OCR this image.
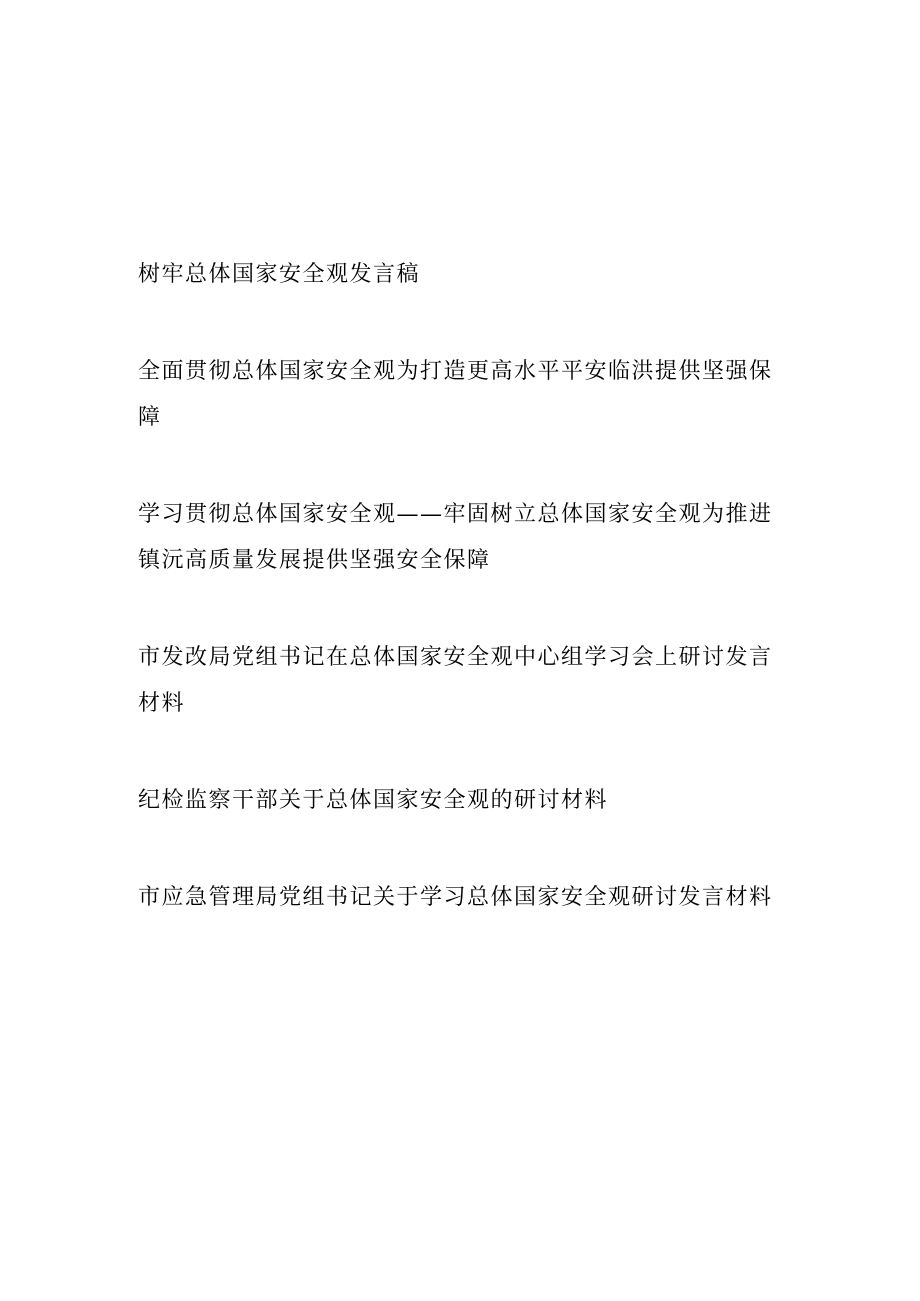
树牢总体国家安全观发言稿
全面贯彻总体国家安全观为打造更高水平平安临洪提供坚强保障
学习贯彻总体国家安全观——牢固树立总体国家安全观为推进镇沅高质量发展提供坚强安全保障
市发改局党组书记在总体国家安全观中心组学习会上研讨发言材料
纪检监察干部关于总体国家安全观的研讨材料
市应急管理局党组书记关于学习总体国家安全观研讨发言材料
